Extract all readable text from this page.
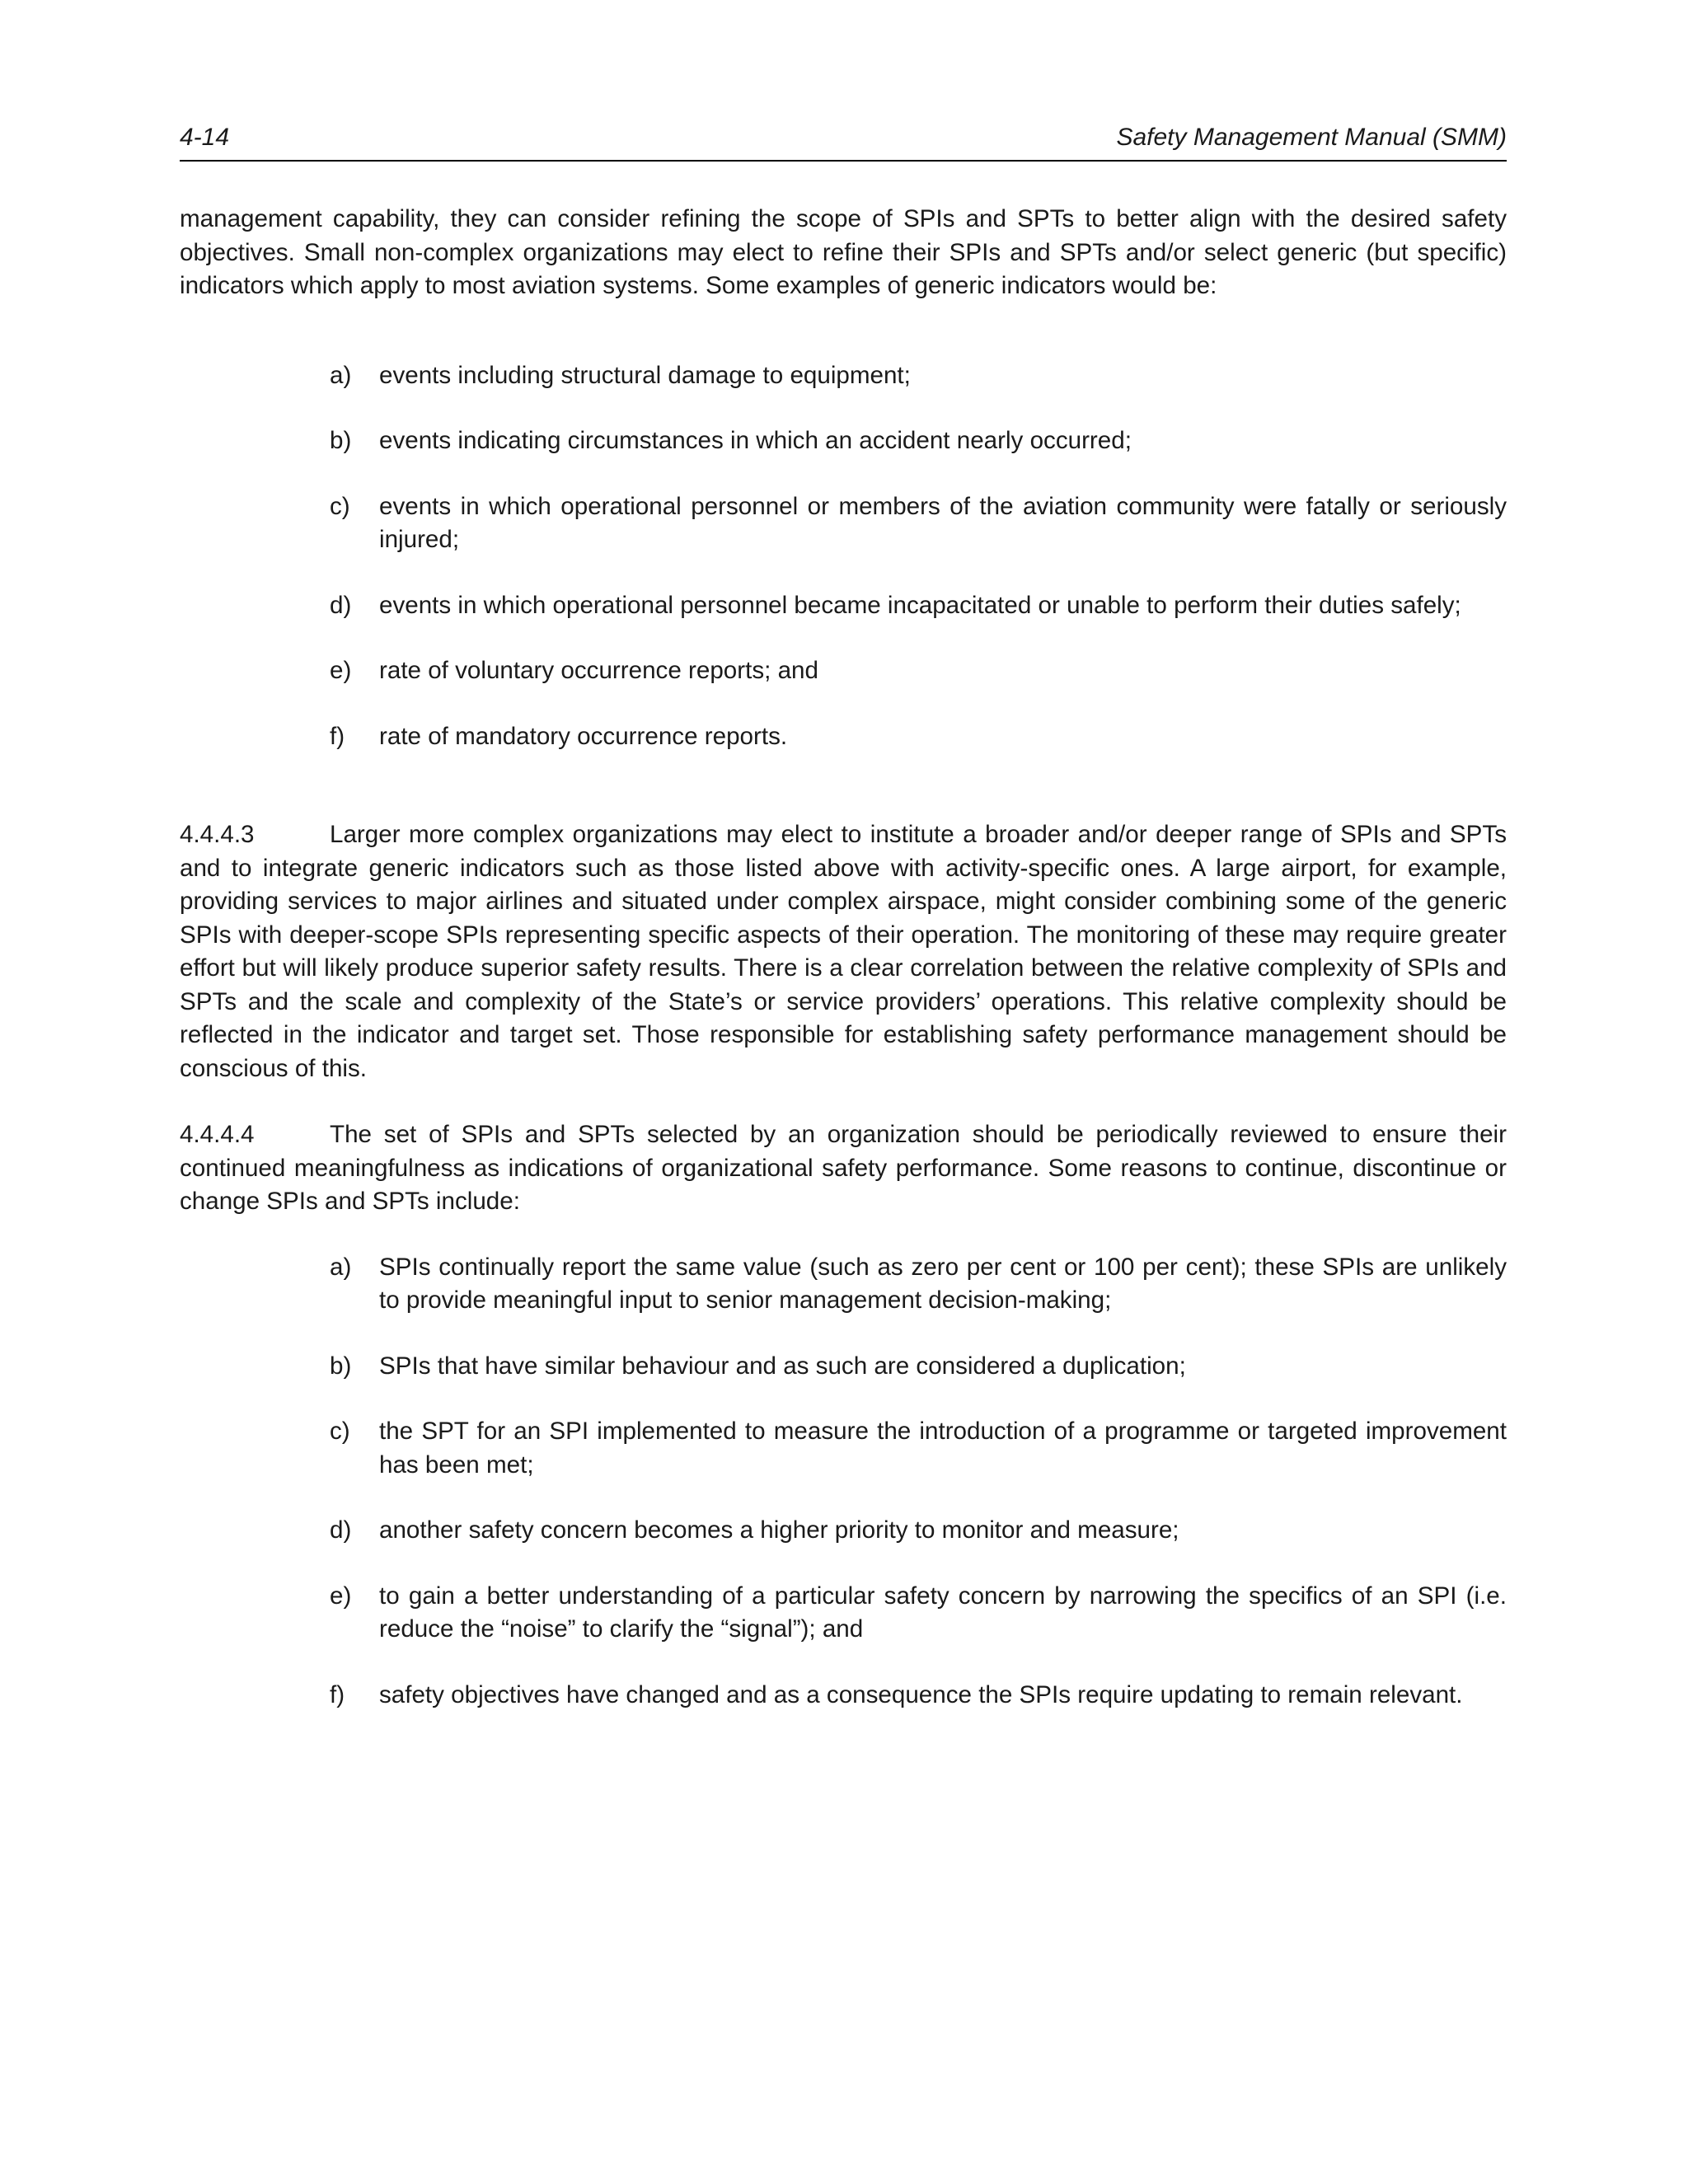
4-14	Safety Management Manual (SMM)

management capability, they can consider refining the scope of SPIs and SPTs to better align with the desired safety objectives. Small non-complex organizations may elect to refine their SPIs and SPTs and/or select generic (but specific) indicators which apply to most aviation systems. Some examples of generic indicators would be:

a)	events including structural damage to equipment;
b)	events indicating circumstances in which an accident nearly occurred;
c)	events in which operational personnel or members of the aviation community were fatally or seriously injured;
d)	events in which operational personnel became incapacitated or unable to perform their duties safely;
e)	rate of voluntary occurrence reports; and
f)	rate of mandatory occurrence reports.

4.4.4.3	Larger more complex organizations may elect to institute a broader and/or deeper range of SPIs and SPTs and to integrate generic indicators such as those listed above with activity-specific ones. A large airport, for example, providing services to major airlines and situated under complex airspace, might consider combining some of the generic SPIs with deeper-scope SPIs representing specific aspects of their operation. The monitoring of these may require greater effort but will likely produce superior safety results. There is a clear correlation between the relative complexity of SPIs and SPTs and the scale and complexity of the State’s or service providers’ operations. This relative complexity should be reflected in the indicator and target set. Those responsible for establishing safety performance management should be conscious of this.

4.4.4.4	The set of SPIs and SPTs selected by an organization should be periodically reviewed to ensure their continued meaningfulness as indications of organizational safety performance. Some reasons to continue, discontinue or change SPIs and SPTs include:

a)	SPIs continually report the same value (such as zero per cent or 100 per cent); these SPIs are unlikely to provide meaningful input to senior management decision-making;
b)	SPIs that have similar behaviour and as such are considered a duplication;
c)	the SPT for an SPI implemented to measure the introduction of a programme or targeted improvement has been met;
d)	another safety concern becomes a higher priority to monitor and measure;
e)	to gain a better understanding of a particular safety concern by narrowing the specifics of an SPI (i.e. reduce the “noise” to clarify the “signal”); and
f)	safety objectives have changed and as a consequence the SPIs require updating to remain relevant.
